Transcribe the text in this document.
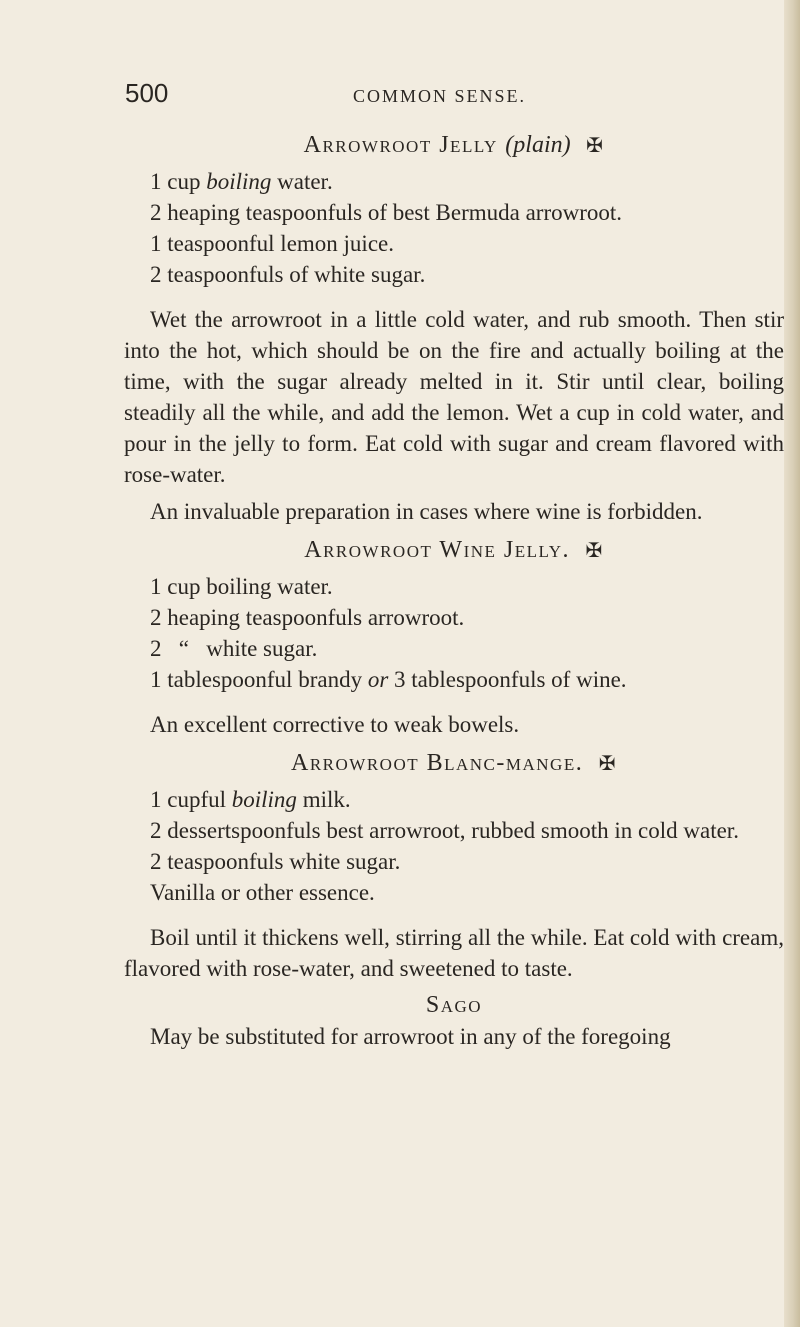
500	COMMON SENSE.
Arrowroot Jelly (plain) ✠
1 cup boiling water.
2 heaping teaspoonfuls of best Bermuda arrowroot.
1 teaspoonful lemon juice.
2 teaspoonfuls of white sugar.

Wet the arrowroot in a little cold water, and rub smooth. Then stir into the hot, which should be on the fire and actually boiling at the time, with the sugar already melted in it. Stir until clear, boiling steadily all the while, and add the lemon. Wet a cup in cold water, and pour in the jelly to form. Eat cold with sugar and cream flavored with rose-water.

An invaluable preparation in cases where wine is forbidden.

Arrowroot Wine Jelly. ✠
1 cup boiling water.
2 heaping teaspoonfuls arrowroot.
2   “   white sugar.
1 tablespoonful brandy or 3 tablespoonfuls of wine.

An excellent corrective to weak bowels.

Arrowroot Blanc-mange. ✠
1 cupful boiling milk.
2 dessertspoonfuls best arrowroot, rubbed smooth in cold water.
2 teaspoonfuls white sugar.
Vanilla or other essence.

Boil until it thickens well, stirring all the while. Eat cold with cream, flavored with rose-water, and sweetened to taste.

Sago

May be substituted for arrowroot in any of the foregoing
